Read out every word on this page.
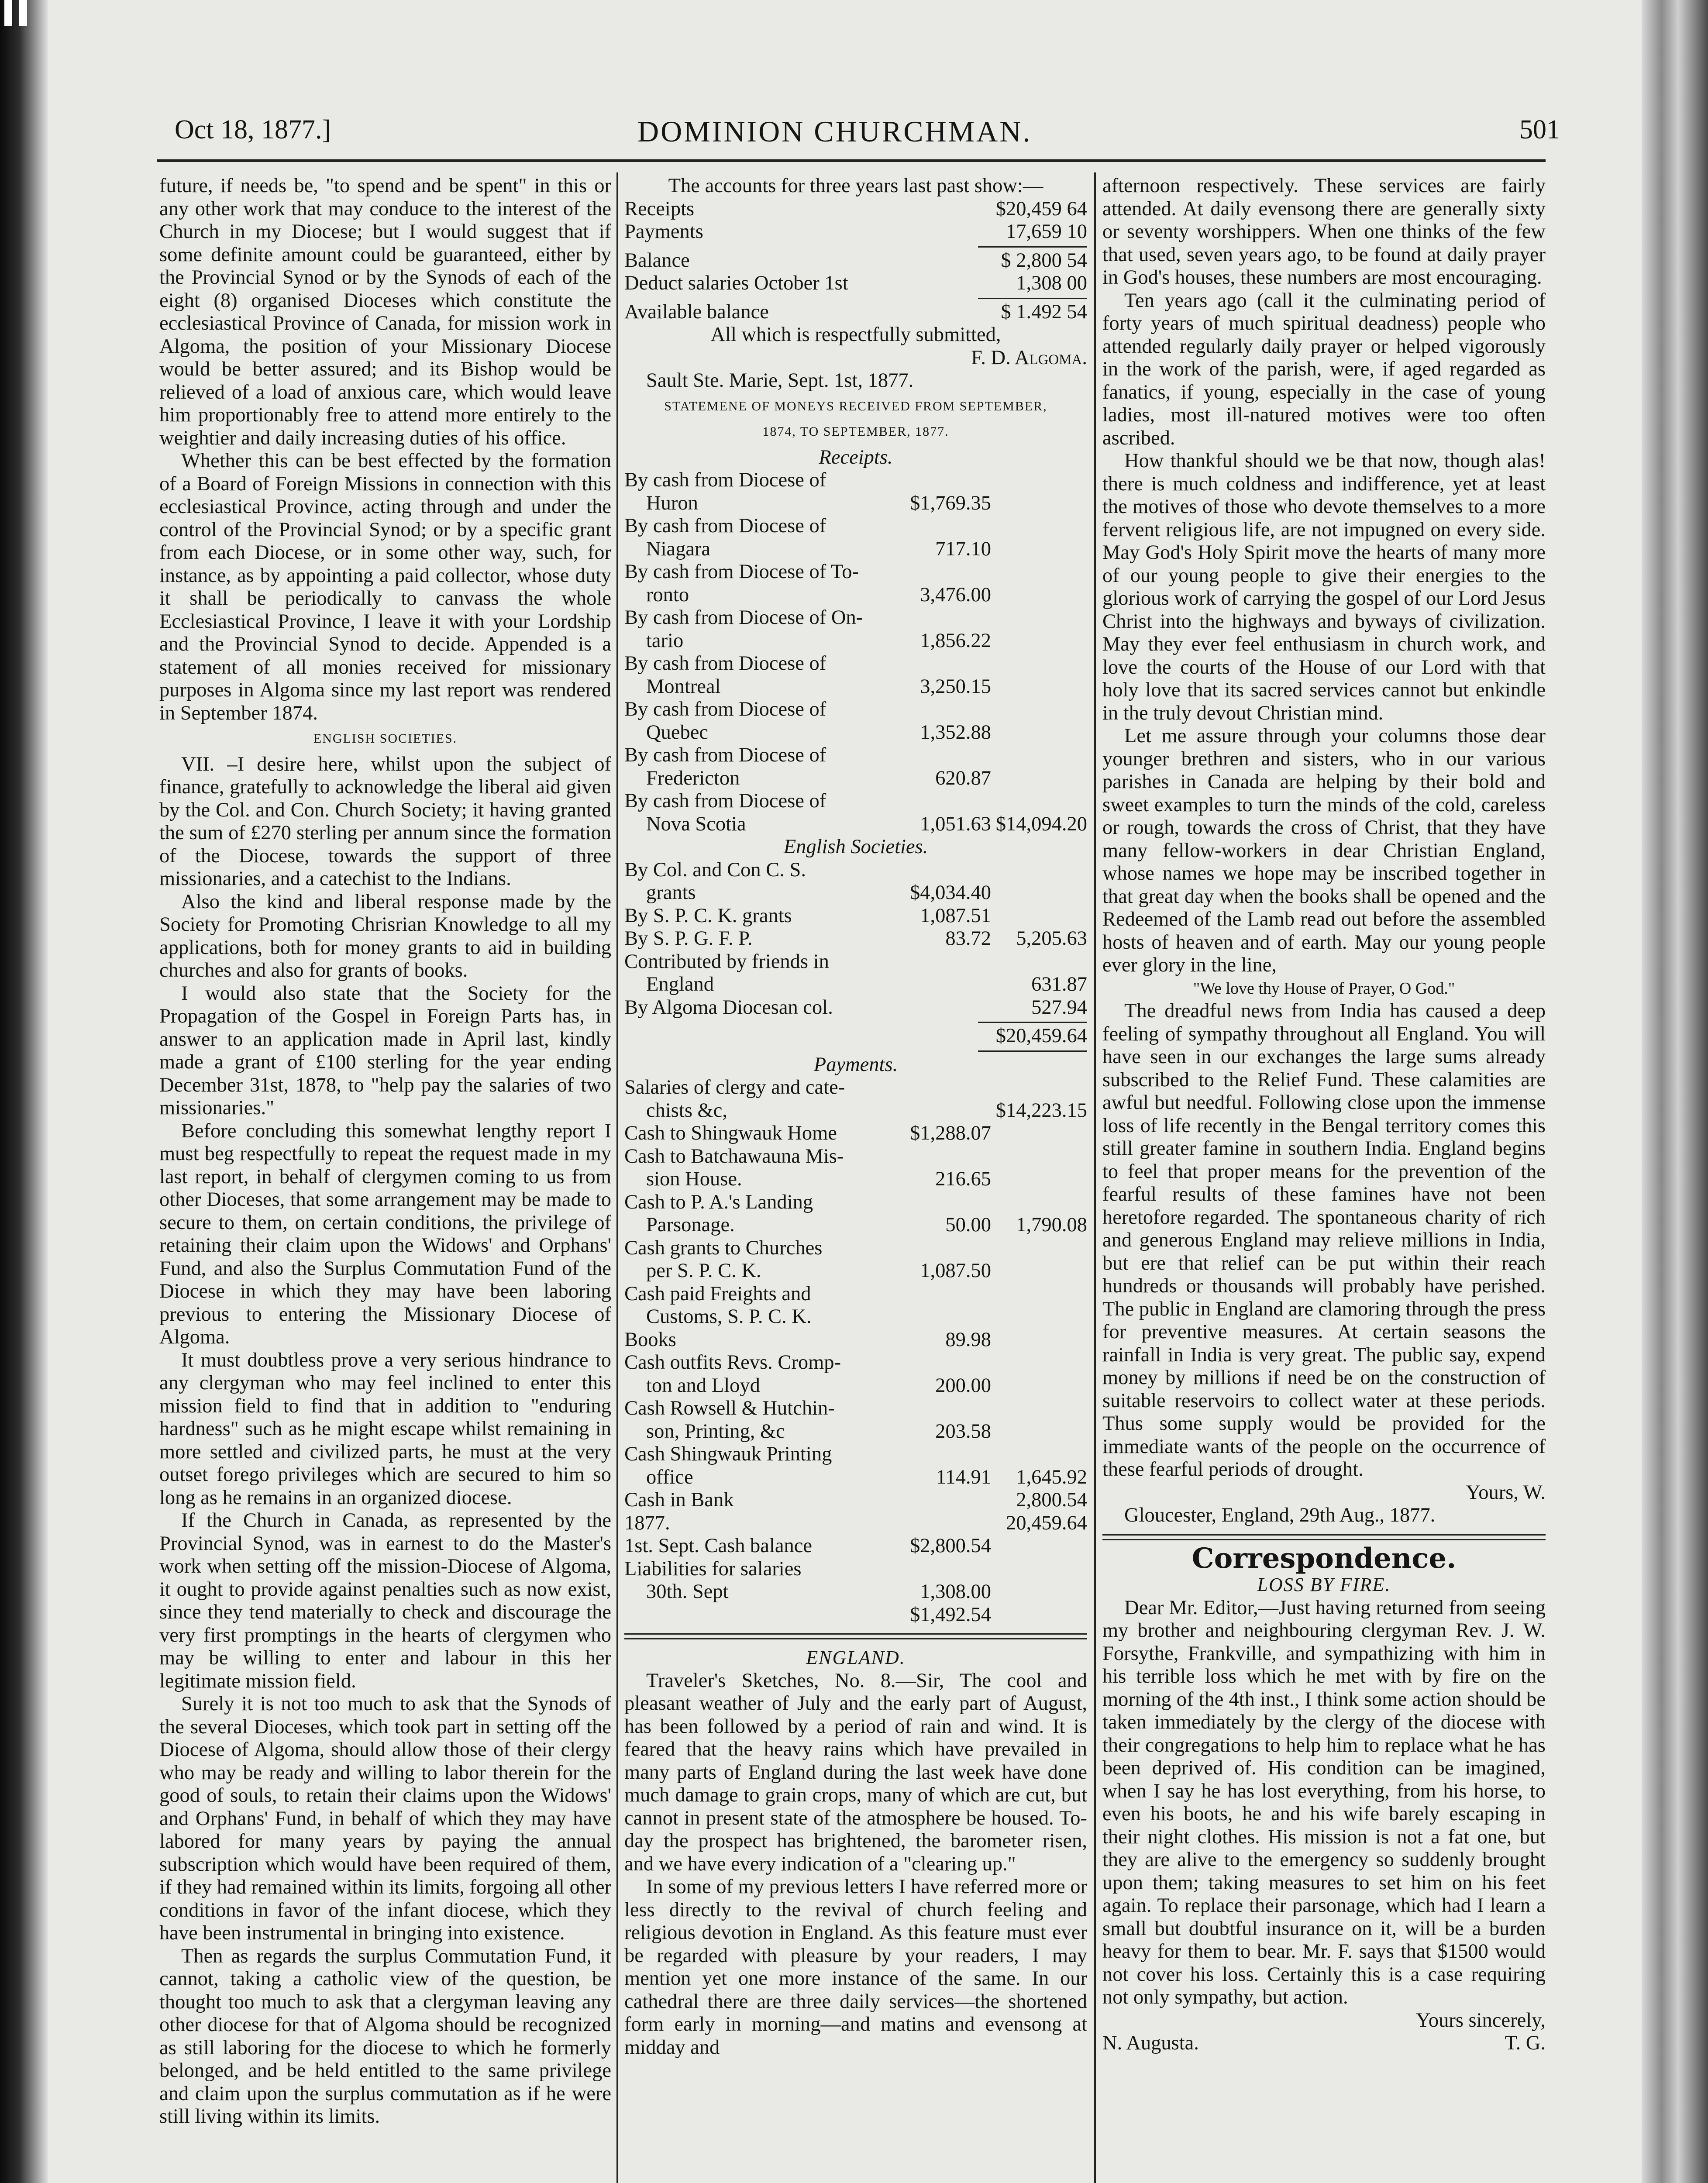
Oct 18, 1877.]	DOMINION CHURCHMAN.	501

future, if needs be, "to spend and be spent" in this or any other work that may conduce to the interest of the Church in my Diocese; but I would suggest that if some definite amount could be guaranteed, either by the Provincial Synod or by the Synods of each of the eight (8) organised Dioceses which constitute the ecclesiastical Province of Canada, for mission work in Algoma, the position of your Missionary Diocese would be better assured; and its Bishop would be relieved of a load of anxious care, which would leave him proportionably free to attend more entirely to the weightier and daily increasing duties of his office.

Whether this can be best effected by the formation of a Board of Foreign Missions in connection with this ecclesiastical Province, acting through and under the control of the Provincial Synod; or by a specific grant from each Diocese, or in some other way, such, for instance, as by appointing a paid collector, whose duty it shall be periodically to canvass the whole Ecclesiastical Province, I leave it with your Lordship and the Provincial Synod to decide. Appended is a statement of all monies received for missionary purposes in Algoma since my last report was rendered in September 1874.

ENGLISH SOCIETIES.

VII. –I desire here, whilst upon the subject of finance, gratefully to acknowledge the liberal aid given by the Col. and Con. Church Society; it having granted the sum of £270 sterling per annum since the formation of the Diocese, towards the support of three missionaries, and a catechist to the Indians.

Also the kind and liberal response made by the Society for Promoting Chrisrian Knowledge to all my applications, both for money grants to aid in building churches and also for grants of books.

I would also state that the Society for the Propagation of the Gospel in Foreign Parts has, in answer to an application made in April last, kindly made a grant of £100 sterling for the year ending December 31st, 1878, to "help pay the salaries of two missionaries."

Before concluding this somewhat lengthy report I must beg respectfully to repeat the request made in my last report, in behalf of clergymen coming to us from other Dioceses, that some arrangement may be made to secure to them, on certain conditions, the privilege of retaining their claim upon the Widows' and Orphans' Fund, and also the Surplus Commutation Fund of the Diocese in which they may have been laboring previous to entering the Missionary Diocese of Algoma.

It must doubtless prove a very serious hindrance to any clergyman who may feel inclined to enter this mission field to find that in addition to "enduring hardness" such as he might escape whilst remaining in more settled and civilized parts, he must at the very outset forego privileges which are secured to him so long as he remains in an organized diocese.

If the Church in Canada, as represented by the Provincial Synod, was in earnest to do the Master's work when setting off the mission-Diocese of Algoma, it ought to provide against penalties such as now exist, since they tend materially to check and discourage the very first promptings in the hearts of clergymen who may be willing to enter and labour in this her legitimate mission field.

Surely it is not too much to ask that the Synods of the several Dioceses, which took part in setting off the Diocese of Algoma, should allow those of their clergy who may be ready and willing to labor therein for the good of souls, to retain their claims upon the Widows' and Orphans' Fund, in behalf of which they may have labored for many years by paying the annual subscription which would have been required of them, if they had remained within its limits, forgoing all other conditions in favor of the infant diocese, which they have been instrumental in bringing into existence.

Then as regards the surplus Commutation Fund, it cannot, taking a catholic view of the question, be thought too much to ask that a clergyman leaving any other diocese for that of Algoma should be recognized as still laboring for the diocese to which he formerly belonged, and be held entitled to the same privilege and claim upon the surplus commutation as if he were still living within its limits.

The accounts for three years last past show:—

Receipts	$20,459 64
Payments	17,659 10
Balance	$ 2,800 54
Deduct salaries October 1st	1,308 00
Available balance	$ 1.492 54

All which is respectfully submitted,

F. D. Algoma.

Sault Ste. Marie, Sept. 1st, 1877.

STATEMENE OF MONEYS RECEIVED FROM SEPTEMBER,

1874, TO SEPTEMBER, 1877.

Receipts.

By cash from Diocese of
Huron	$1,769.35
By cash from Diocese of
Niagara	717.10
By cash from Diocese of To-
ronto	3,476.00
By cash from Diocese of On-
tario	1,856.22
By cash from Diocese of
Montreal	3,250.15
By cash from Diocese of
Quebec	1,352.88
By cash from Diocese of
Fredericton	620.87
By cash from Diocese of
Nova Scotia	1,051.63 $14,094.20

English Societies.

By Col. and Con C. S.
grants	$4,034.40
By S. P. C. K. grants	1,087.51
By S. P. G. F. P.	83.72	5,205.63
Contributed by friends in
England	631.87
By Algoma Diocesan col.	527.94

$20,459.64

Payments.

Salaries of clergy and cate-
chists &c,	$14,223.15
Cash to Shingwauk Home	$1,288.07
Cash to Batchawauna Mis-
sion House.	216.65
Cash to P. A.'s Landing
Parsonage.	50.00	1,790.08
Cash grants to Churches
per S. P. C. K.	1,087.50
Cash paid Freights and
Customs, S. P. C. K.
Books	89.98
Cash outfits Revs. Cromp-
ton and Lloyd	200.00
Cash Rowsell & Hutchin-
son, Printing, &c	203.58
Cash Shingwauk Printing
office	114.91	1,645.92
Cash in Bank	2,800.54
1877.	20,459.64
1st. Sept. Cash balance	$2,800.54
Liabilities for salaries
30th. Sept	1,308.00
$1,492.54

ENGLAND.

Traveler's Sketches, No. 8.—Sir, The cool and pleasant weather of July and the early part of August, has been followed by a period of rain and wind. It is feared that the heavy rains which have prevailed in many parts of England during the last week have done much damage to grain crops, many of which are cut, but cannot in present state of the atmosphere be housed. To-day the prospect has brightened, the barometer risen, and we have every indication of a "clearing up."

In some of my previous letters I have referred more or less directly to the revival of church feeling and religious devotion in England. As this feature must ever be regarded with pleasure by your readers, I may mention yet one more instance of the same. In our cathedral there are three daily services—the shortened form early in morning—and matins and evensong at midday and

afternoon respectively. These services are fairly attended. At daily evensong there are generally sixty or seventy worshippers. When one thinks of the few that used, seven years ago, to be found at daily prayer in God's houses, these numbers are most encouraging.

Ten years ago (call it the culminating period of forty years of much spiritual deadness) people who attended regularly daily prayer or helped vigorously in the work of the parish, were, if aged regarded as fanatics, if young, especially in the case of young ladies, most ill-natured motives were too often ascribed.

How thankful should we be that now, though alas! there is much coldness and indifference, yet at least the motives of those who devote themselves to a more fervent religious life, are not impugned on every side. May God's Holy Spirit move the hearts of many more of our young people to give their energies to the glorious work of carrying the gospel of our Lord Jesus Christ into the highways and byways of civilization. May they ever feel enthusiasm in church work, and love the courts of the House of our Lord with that holy love that its sacred services cannot but enkindle in the truly devout Christian mind.

Let me assure through your columns those dear younger brethren and sisters, who in our various parishes in Canada are helping by their bold and sweet examples to turn the minds of the cold, careless or rough, towards the cross of Christ, that they have many fellow-workers in dear Christian England, whose names we hope may be inscribed together in that great day when the books shall be opened and the Redeemed of the Lamb read out before the assembled hosts of heaven and of earth. May our young people ever glory in the line,

"We love thy House of Prayer, O God."

The dreadful news from India has caused a deep feeling of sympathy throughout all England. You will have seen in our exchanges the large sums already subscribed to the Relief Fund. These calamities are awful but needful. Following close upon the immense loss of life recently in the Bengal territory comes this still greater famine in southern India. England begins to feel that proper means for the prevention of the fearful results of these famines have not been heretofore regarded. The spontaneous charity of rich and generous England may relieve millions in India, but ere that relief can be put within their reach hundreds or thousands will probably have perished. The public in England are clamoring through the press for preventive measures. At certain seasons the rainfall in India is very great. The public say, expend money by millions if need be on the construction of suitable reservoirs to collect water at these periods. Thus some supply would be provided for the immediate wants of the people on the occurrence of these fearful periods of drought.

Yours, W.

Gloucester, England, 29th Aug., 1877.

Correspondence.

LOSS BY FIRE.

Dear Mr. Editor,—Just having returned from seeing my brother and neighbouring clergyman Rev. J. W. Forsythe, Frankville, and sympathizing with him in his terrible loss which he met with by fire on the morning of the 4th inst., I think some action should be taken immediately by the clergy of the diocese with their congregations to help him to replace what he has been deprived of. His condition can be imagined, when I say he has lost everything, from his horse, to even his boots, he and his wife barely escaping in their night clothes. His mission is not a fat one, but they are alive to the emergency so suddenly brought upon them; taking measures to set him on his feet again. To replace their parsonage, which had I learn a small but doubtful insurance on it, will be a burden heavy for them to bear. Mr. F. says that $1500 would not cover his loss. Certainly this is a case requiring not only sympathy, but action.

Yours sincerely,

N. Augusta.	T. G.
